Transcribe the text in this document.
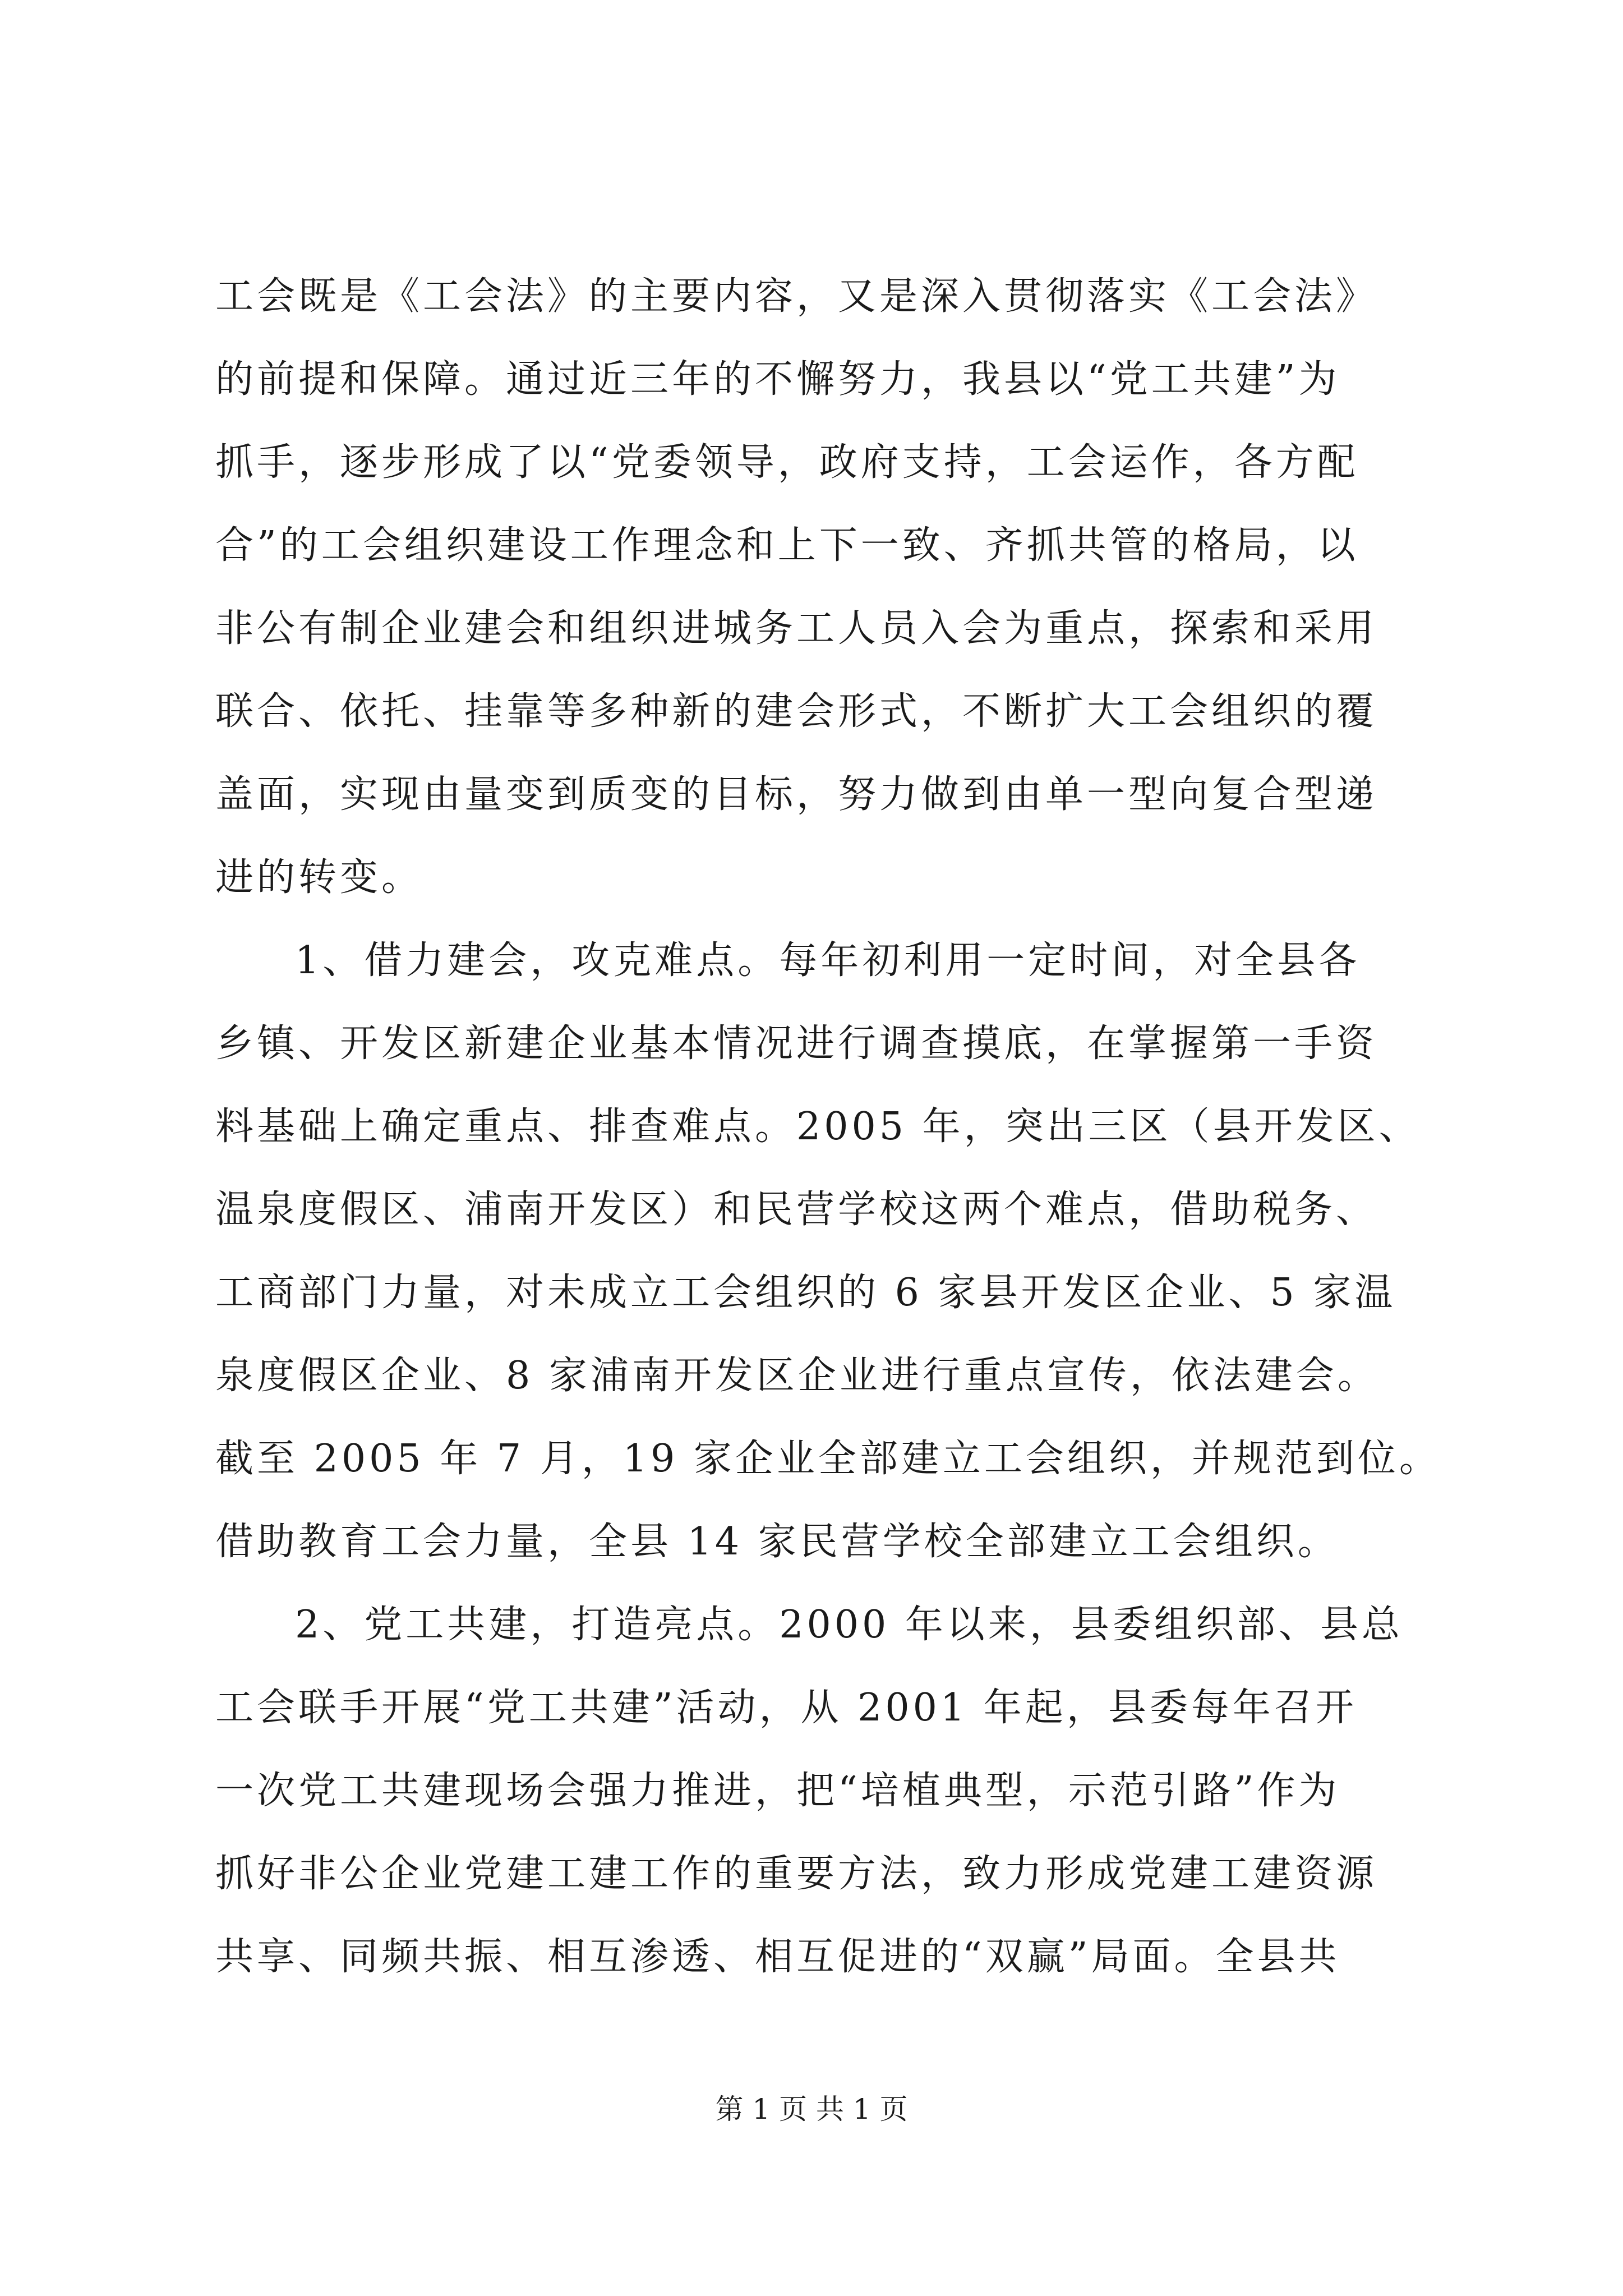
工会既是《工会法》的主要内容，又是深入贯彻落实《工会法》
的前提和保障。通过近三年的不懈努力，我县以“党工共建”为
抓手，逐步形成了以“党委领导，政府支持，工会运作，各方配
合”的工会组织建设工作理念和上下一致、齐抓共管的格局，以
非公有制企业建会和组织进城务工人员入会为重点，探索和采用
联合、依托、挂靠等多种新的建会形式，不断扩大工会组织的覆
盖面，实现由量变到质变的目标，努力做到由单一型向复合型递
进的转变。
1、借力建会，攻克难点。每年初利用一定时间，对全县各
乡镇、开发区新建企业基本情况进行调查摸底，在掌握第一手资
料基础上确定重点、排查难点。2005 年，突出三区（县开发区、
温泉度假区、浦南开发区）和民营学校这两个难点，借助税务、
工商部门力量，对未成立工会组织的 6 家县开发区企业、5 家温
泉度假区企业、8 家浦南开发区企业进行重点宣传，依法建会。
截至 2005 年 7 月，19 家企业全部建立工会组织，并规范到位。
借助教育工会力量，全县 14 家民营学校全部建立工会组织。
2、党工共建，打造亮点。2000 年以来，县委组织部、县总
工会联手开展“党工共建”活动，从 2001 年起，县委每年召开
一次党工共建现场会强力推进，把“培植典型，示范引路”作为
抓好非公企业党建工建工作的重要方法，致力形成党建工建资源
共享、同频共振、相互渗透、相互促进的“双赢”局面。全县共
第 1 页 共 1 页
